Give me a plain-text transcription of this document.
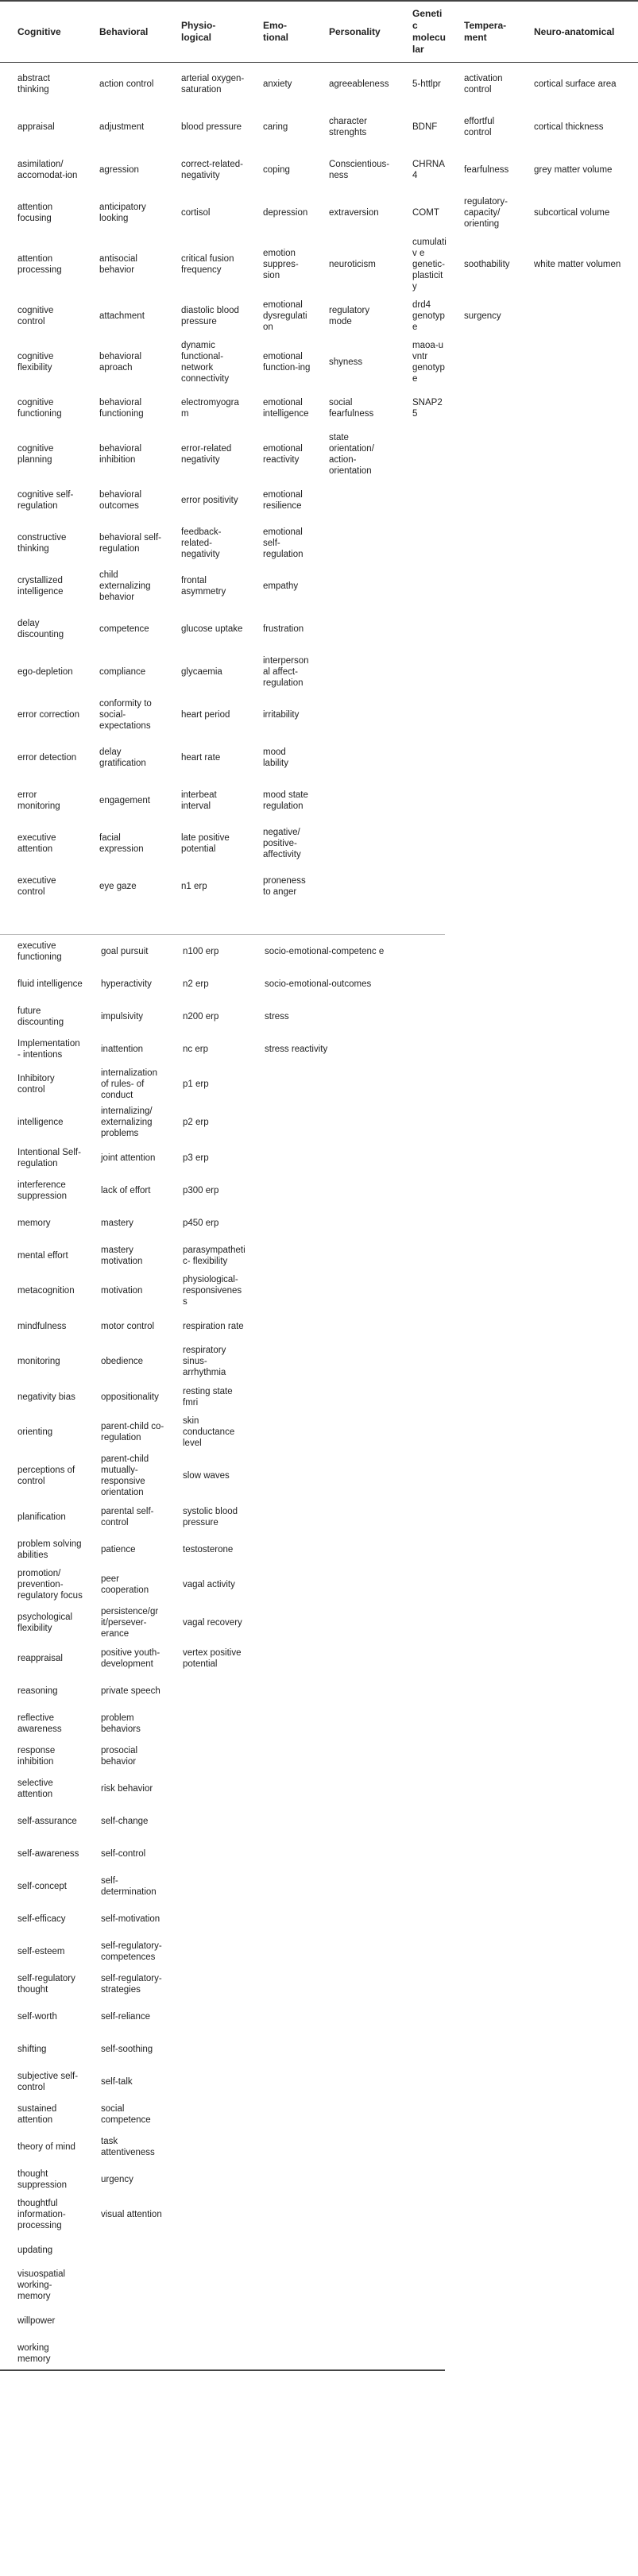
Cognitive	Behavioral	Physio-logical	Emo-tional	Personality	Genetic molecular	Tempera-ment	Neuro-anatomical
abstract thinking	action control	arterial oxygen-saturation	anxiety	agreeableness	5-httlpr	activation control	cortical surface area
appraisal	adjustment	blood pressure	caring	character strenghts	BDNF	effortful control	cortical thickness
asimilation/ accomodat-ion	agression	correct-related-negativity	coping	Conscientious-ness	CHRNA4	fearfulness	grey matter volume
attention focusing	anticipatory looking	cortisol	depression	extraversion	COMT	regulatory-capacity/ orienting	subcortical volume
attention processing	antisocial behavior	critical fusion frequency	emotion suppres-sion	neuroticism	cumulativ e genetic-plasticity	soothability	white matter volumen
cognitive control	attachment	diastolic blood pressure	emotional dysregulati on	regulatory mode	drd4 genotype	surgency	
cognitive flexibility	behavioral aproach	dynamic functional-network connectivity	emotional function-ing	shyness	maoa-u vntr genotype		
cognitive functioning	behavioral functioning	electromyogra m	emotional intelligence	social fearfulness	SNAP25		
cognitive planning	behavioral inhibition	error-related negativity	emotional reactivity	state orientation/ action-orientation			
cognitive self-regulation	behavioral outcomes	error positivity	emotional resilience				
constructive thinking	behavioral self-regulation	feedback-related-negativity	emotional self-regulation				
crystallized intelligence	child externalizing behavior	frontal asymmetry	empathy				
delay discounting	competence	glucose uptake	frustration				
ego-depletion	compliance	glycaemia	interperson al affect-regulation				
error correction	conformity to social-expectations	heart period	irritability				
error detection	delay gratification	heart rate	mood lability				
error monitoring	engagement	interbeat interval	mood state regulation				
executive attention	facial expression	late positive potential	negative/ positive-affectivity				
executive control	eye gaze	n1 erp	proneness to anger				
executive functioning	goal pursuit	n100 erp	socio-emotional-competenc e
fluid intelligence	hyperactivity	n2 erp	socio-emotional-outcomes
future discounting	impulsivity	n200 erp	stress
Implementation - intentions	inattention	nc erp	stress reactivity
Inhibitory control	internalization of rules- of conduct	p1 erp	
intelligence	internalizing/ externalizing problems	p2 erp	
Intentional Self-regulation	joint attention	p3 erp	
interference suppression	lack of effort	p300 erp	
memory	mastery	p450 erp	
mental effort	mastery motivation	parasympatheti c- flexibility	
metacognition	motivation	physiological-responsivenes s	
mindfulness	motor control	respiration rate	
monitoring	obedience	respiratory sinus-arrhythmia	
negativity bias	oppositionality	resting state fmri	
orienting	parent-child co-regulation	skin conductance level	
perceptions of control	parent-child mutually-responsive orientation	slow waves	
planification	parental self-control	systolic blood pressure	
problem solving abilities	patience	testosterone	
promotion/ prevention-regulatory focus	peer cooperation	vagal activity	
psychological flexibility	persistence/gr it/persever-erance	vagal recovery	
reappraisal	positive youth-development	vertex positive potential	
reasoning	private speech		
reflective awareness	problem behaviors		
response inhibition	prosocial behavior		
selective attention	risk behavior		
self-assurance	self-change		
self-awareness	self-control		
self-concept	self-determination		
self-efficacy	self-motivation		
self-esteem	self-regulatory-competences		
self-regulatory thought	self-regulatory-strategies		
self-worth	self-reliance		
shifting	self-soothing		
subjective self-control	self-talk		
sustained attention	social competence		
theory of mind	task attentiveness		
thought suppression	urgency		
thoughtful information-processing	visual attention		
updating			
visuospatial working-memory			
willpower			
working memory			
